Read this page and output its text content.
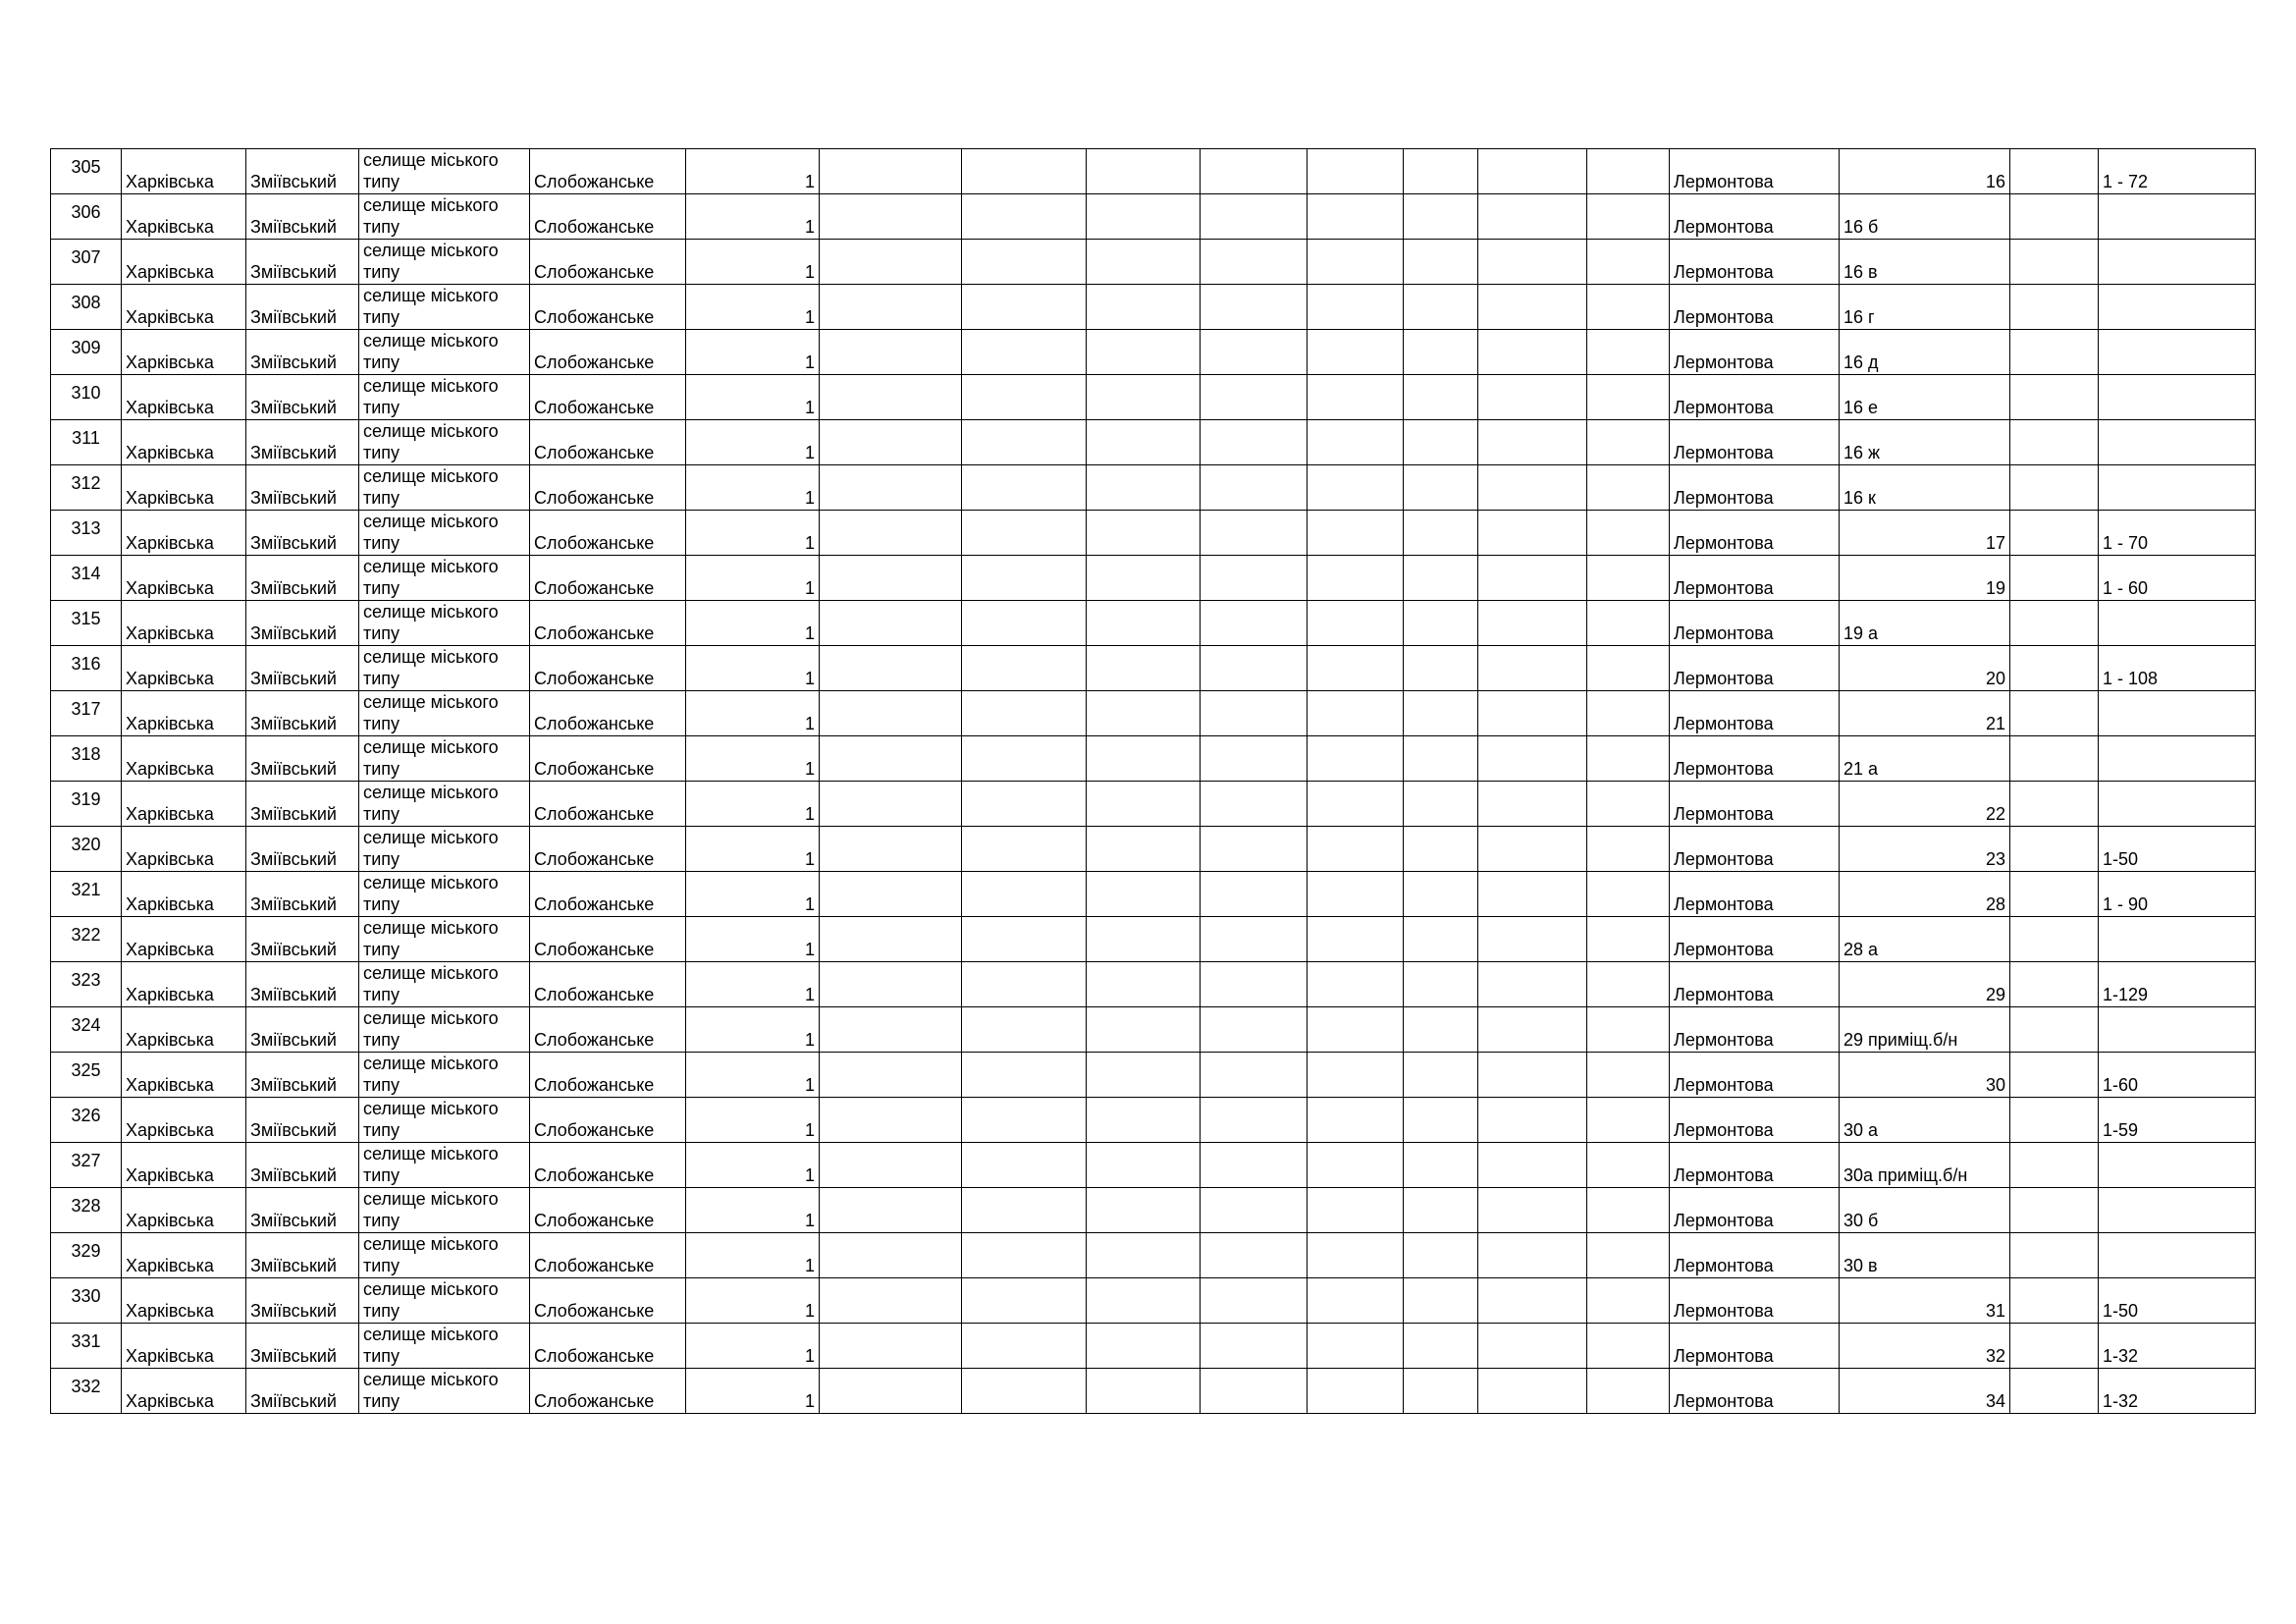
305	Харківська	Зміївський	селище міського типу	Слобожанське	1									Лермонтова	16		1 - 72
306	Харківська	Зміївський	селище міського типу	Слобожанське	1									Лермонтова	16 б		
307	Харківська	Зміївський	селище міського типу	Слобожанське	1									Лермонтова	16 в		
308	Харківська	Зміївський	селище міського типу	Слобожанське	1									Лермонтова	16 г		
309	Харківська	Зміївський	селище міського типу	Слобожанське	1									Лермонтова	16 д		
310	Харківська	Зміївський	селище міського типу	Слобожанське	1									Лермонтова	16 е		
311	Харківська	Зміївський	селище міського типу	Слобожанське	1									Лермонтова	16 ж		
312	Харківська	Зміївський	селище міського типу	Слобожанське	1									Лермонтова	16 к		
313	Харківська	Зміївський	селище міського типу	Слобожанське	1									Лермонтова	17		1 - 70
314	Харківська	Зміївський	селище міського типу	Слобожанське	1									Лермонтова	19		1 - 60
315	Харківська	Зміївський	селище міського типу	Слобожанське	1									Лермонтова	19 а		
316	Харківська	Зміївський	селище міського типу	Слобожанське	1									Лермонтова	20		1 - 108
317	Харківська	Зміївський	селище міського типу	Слобожанське	1									Лермонтова	21		
318	Харківська	Зміївський	селище міського типу	Слобожанське	1									Лермонтова	21 а		
319	Харківська	Зміївський	селище міського типу	Слобожанське	1									Лермонтова	22		
320	Харківська	Зміївський	селище міського типу	Слобожанське	1									Лермонтова	23		1-50
321	Харківська	Зміївський	селище міського типу	Слобожанське	1									Лермонтова	28		1 - 90
322	Харківська	Зміївський	селище міського типу	Слобожанське	1									Лермонтова	28 а		
323	Харківська	Зміївський	селище міського типу	Слобожанське	1									Лермонтова	29		1-129
324	Харківська	Зміївський	селище міського типу	Слобожанське	1									Лермонтова	29 приміщ.б/н		
325	Харківська	Зміївський	селище міського типу	Слобожанське	1									Лермонтова	30		1-60
326	Харківська	Зміївський	селище міського типу	Слобожанське	1									Лермонтова	30 а		1-59
327	Харківська	Зміївський	селище міського типу	Слобожанське	1									Лермонтова	30а приміщ.б/н		
328	Харківська	Зміївський	селище міського типу	Слобожанське	1									Лермонтова	30 б		
329	Харківська	Зміївський	селище міського типу	Слобожанське	1									Лермонтова	30 в		
330	Харківська	Зміївський	селище міського типу	Слобожанське	1									Лермонтова	31		1-50
331	Харківська	Зміївський	селище міського типу	Слобожанське	1									Лермонтова	32		1-32
332	Харківська	Зміївський	селище міського типу	Слобожанське	1									Лермонтова	34		1-32
